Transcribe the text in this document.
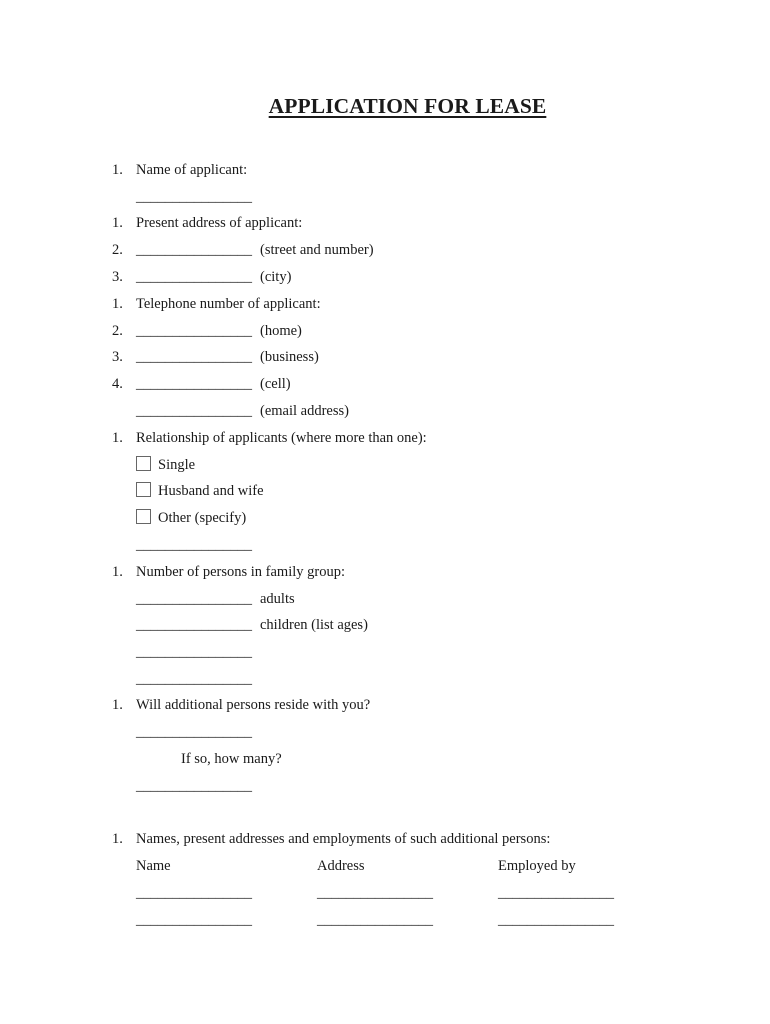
APPLICATION FOR LEASE
1. Name of applicant:
________________
1. Present address of applicant:
2. ________________ (street and number)
3. ________________ (city)
1. Telephone number of applicant:
2. ________________ (home)
3. ________________ (business)
4. ________________ (cell)
________________ (email address)
1. Relationship of applicants (where more than one):
Single
Husband and wife
Other (specify)
________________
1. Number of persons in family group:
________________ adults
________________ children (list ages)
________________
________________
1. Will additional persons reside with you?
________________
If so, how many?
________________
1. Names, present addresses and employments of such additional persons:
Name	Address	Employed by
________________	________________	________________
________________	________________	________________
